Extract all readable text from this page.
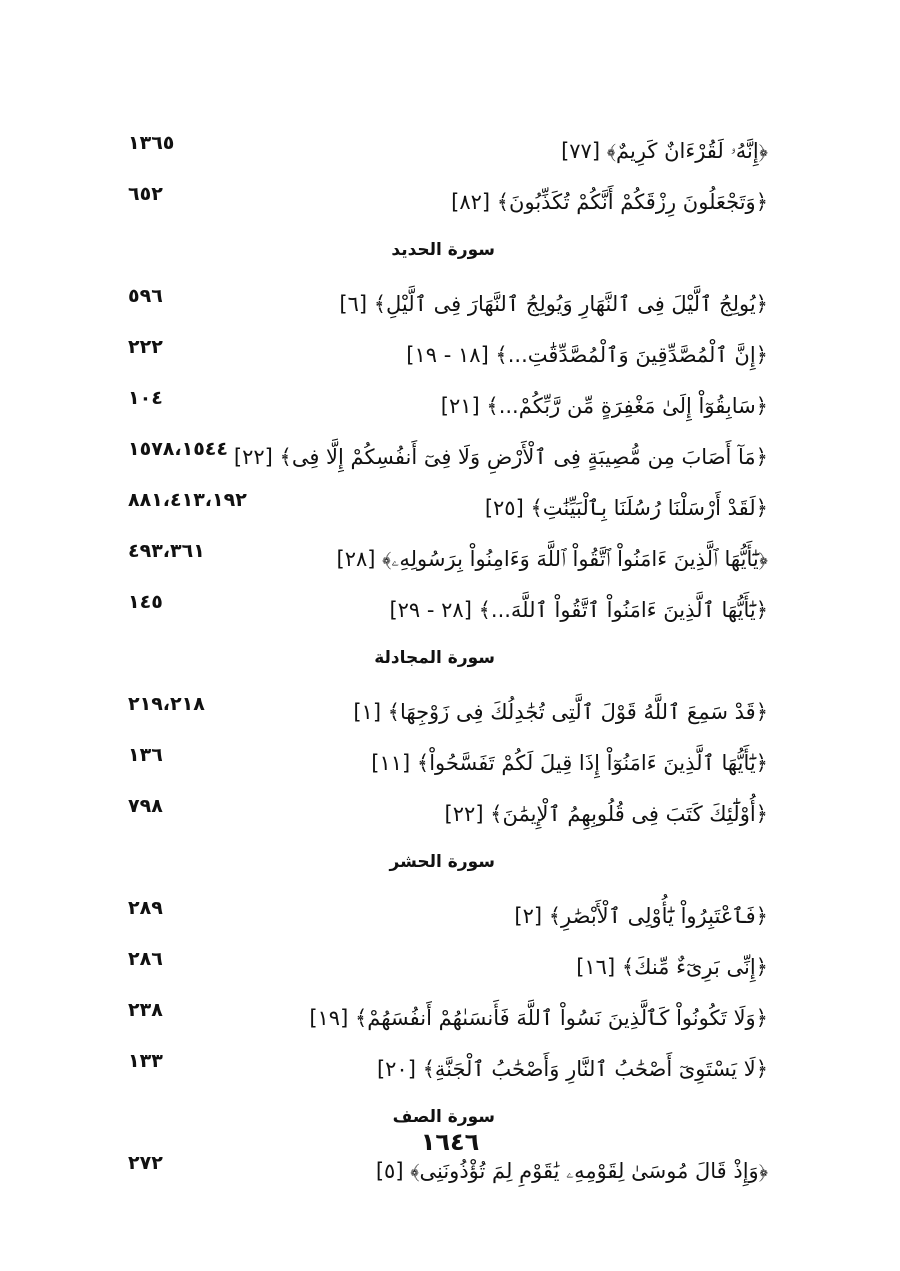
﴿إِنَّهُۥ لَقُرْءَانٌ كَرِيمٌ﴾ [٧٧]
١٣٦٥
﴿وَتَجْعَلُونَ رِزْقَكُمْ أَنَّكُمْ تُكَذِّبُونَ﴾ [٨٢]
٦٥٢
سورة الحديد
﴿يُولِجُ ٱلَّيْلَ فِى ٱلنَّهَارِ وَيُولِجُ ٱلنَّهَارَ فِى ٱلَّيْلِ﴾ [٦]
٥٩٦
﴿إِنَّ ٱلْمُصَّدِّقِينَ وَٱلْمُصَّدِّقَٰتِ...﴾ [١٨ - ١٩]
٢٢٢
﴿سَابِقُوٓاْ إِلَىٰ مَغْفِرَةٍ مِّن رَّبِّكُمْ...﴾ [٢١]
١٠٤
﴿مَآ أَصَابَ مِن مُّصِيبَةٍ فِى ٱلْأَرْضِ وَلَا فِىٓ أَنفُسِكُمْ إِلَّا فِى﴾ [٢٢]
١٥٧٨،١٥٤٤
﴿لَقَدْ أَرْسَلْنَا رُسُلَنَا بِٱلْبَيِّنَٰتِ﴾ [٢٥]
٨٨١،٤١٣،١٩٢
﴿يَٰٓأَيُّهَا ٱلَّذِينَ ءَامَنُواْ ٱتَّقُواْ ٱللَّهَ وَءَامِنُواْ بِرَسُولِهِۦ﴾ [٢٨]
٤٩٣،٣٦١
﴿يَٰٓأَيُّهَا ٱلَّذِينَ ءَامَنُواْ ٱتَّقُواْ ٱللَّهَ...﴾ [٢٨ - ٢٩]
١٤٥
سورة المجادلة
﴿قَدْ سَمِعَ ٱللَّهُ قَوْلَ ٱلَّتِى تُجَٰدِلُكَ فِى زَوْجِهَا﴾ [١]
٢١٩،٢١٨
﴿يَٰٓأَيُّهَا ٱلَّذِينَ ءَامَنُوٓاْ إِذَا قِيلَ لَكُمْ تَفَسَّحُواْ﴾ [١١]
١٣٦
﴿أُوْلَٰٓئِكَ كَتَبَ فِى قُلُوبِهِمُ ٱلْإِيمَٰنَ﴾ [٢٢]
٧٩٨
سورة الحشر
﴿فَٱعْتَبِرُواْ يَٰٓأُوْلِى ٱلْأَبْصَٰرِ﴾ [٢]
٢٨٩
﴿إِنِّى بَرِىٓءٌ مِّنكَ﴾ [١٦]
٢٨٦
﴿وَلَا تَكُونُواْ كَٱلَّذِينَ نَسُواْ ٱللَّهَ فَأَنسَىٰهُمْ أَنفُسَهُمْ﴾ [١٩]
٢٣٨
﴿لَا يَسْتَوِىٓ أَصْحَٰبُ ٱلنَّارِ وَأَصْحَٰبُ ٱلْجَنَّةِ﴾ [٢٠]
١٣٣
سورة الصف
﴿وَإِذْ قَالَ مُوسَىٰ لِقَوْمِهِۦ يَٰقَوْمِ لِمَ تُؤْذُونَنِى﴾ [٥]
٢٧٢
١٦٤٦
